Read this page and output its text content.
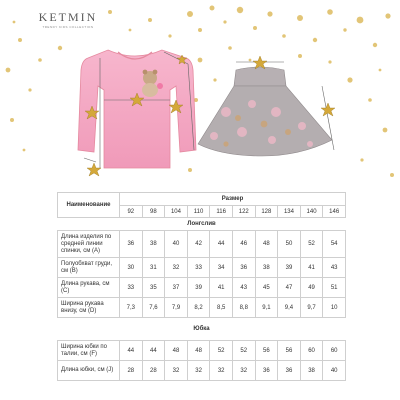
KETMIN
TRENDY KIDS COLLECTION
Наименование	Размер									
	92	98	104	110	116	122	128	134	140	146
Лонгслив										
Длина изделия по средней линии спинки, см (A)	36	38	40	42	44	46	48	50	52	54
Полуобхват груди, см (B)	30	31	32	33	34	36	38	39	41	43
Длина рукава, см (С)	33	35	37	39	41	43	45	47	49	51
Ширина рукава внизу, см (D)	7,3	7,6	7,9	8,2	8,5	8,8	9,1	9,4	9,7	10

Юбка										

Ширина юбки по талии, см (F)	44	44	48	48	52	52	56	56	60	60
Длина юбки, см (J)	28	28	32	32	32	32	36	36	38	40
